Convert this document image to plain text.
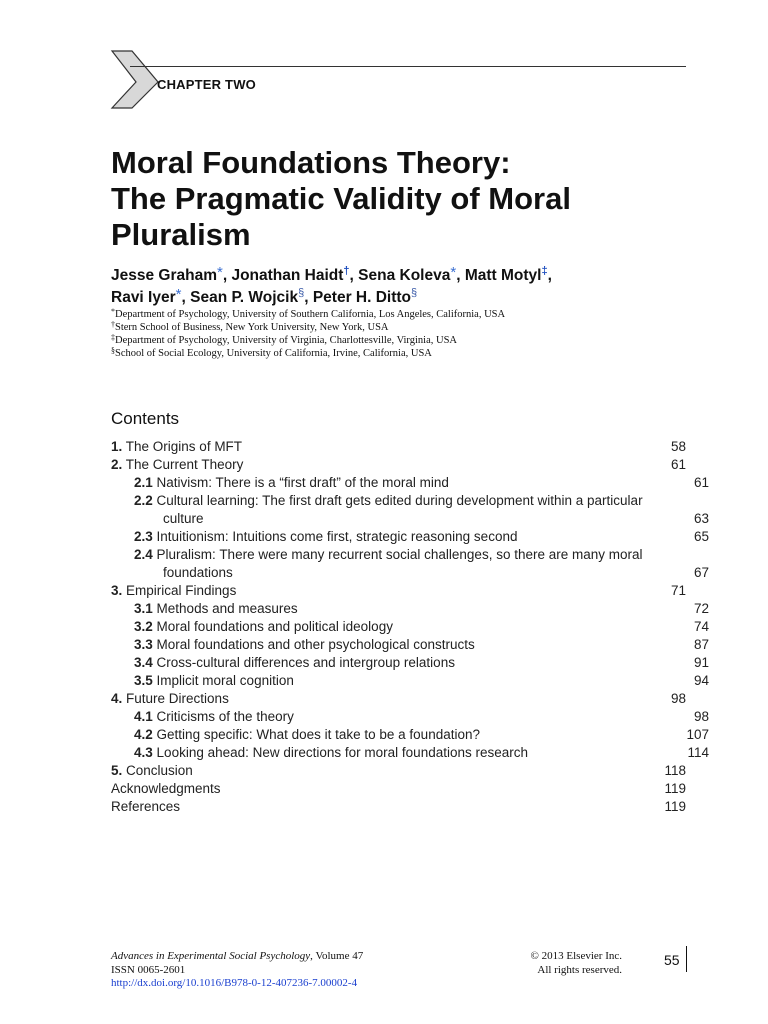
CHAPTER TWO
Moral Foundations Theory:
The Pragmatic Validity of Moral
Pluralism
Jesse Graham*, Jonathan Haidt†, Sena Koleva*, Matt Motyl‡,
Ravi Iyer*, Sean P. Wojcik§, Peter H. Ditto§
*Department of Psychology, University of Southern California, Los Angeles, California, USA
†Stern School of Business, New York University, New York, USA
‡Department of Psychology, University of Virginia, Charlottesville, Virginia, USA
§School of Social Ecology, University of California, Irvine, California, USA
Contents
1. The Origins of MFT	58
2. The Current Theory	61
2.1 Nativism: There is a “first draft” of the moral mind	61
2.2 Cultural learning: The first draft gets edited during development within a particular culture	63
2.3 Intuitionism: Intuitions come first, strategic reasoning second	65
2.4 Pluralism: There were many recurrent social challenges, so there are many moral foundations	67
3. Empirical Findings	71
3.1 Methods and measures	72
3.2 Moral foundations and political ideology	74
3.3 Moral foundations and other psychological constructs	87
3.4 Cross-cultural differences and intergroup relations	91
3.5 Implicit moral cognition	94
4. Future Directions	98
4.1 Criticisms of the theory	98
4.2 Getting specific: What does it take to be a foundation?	107
4.3 Looking ahead: New directions for moral foundations research	114
5. Conclusion	118
Acknowledgments	119
References	119
Advances in Experimental Social Psychology, Volume 47
ISSN 0065-2601
http://dx.doi.org/10.1016/B978-0-12-407236-7.00002-4
© 2013 Elsevier Inc.
All rights reserved.
55
